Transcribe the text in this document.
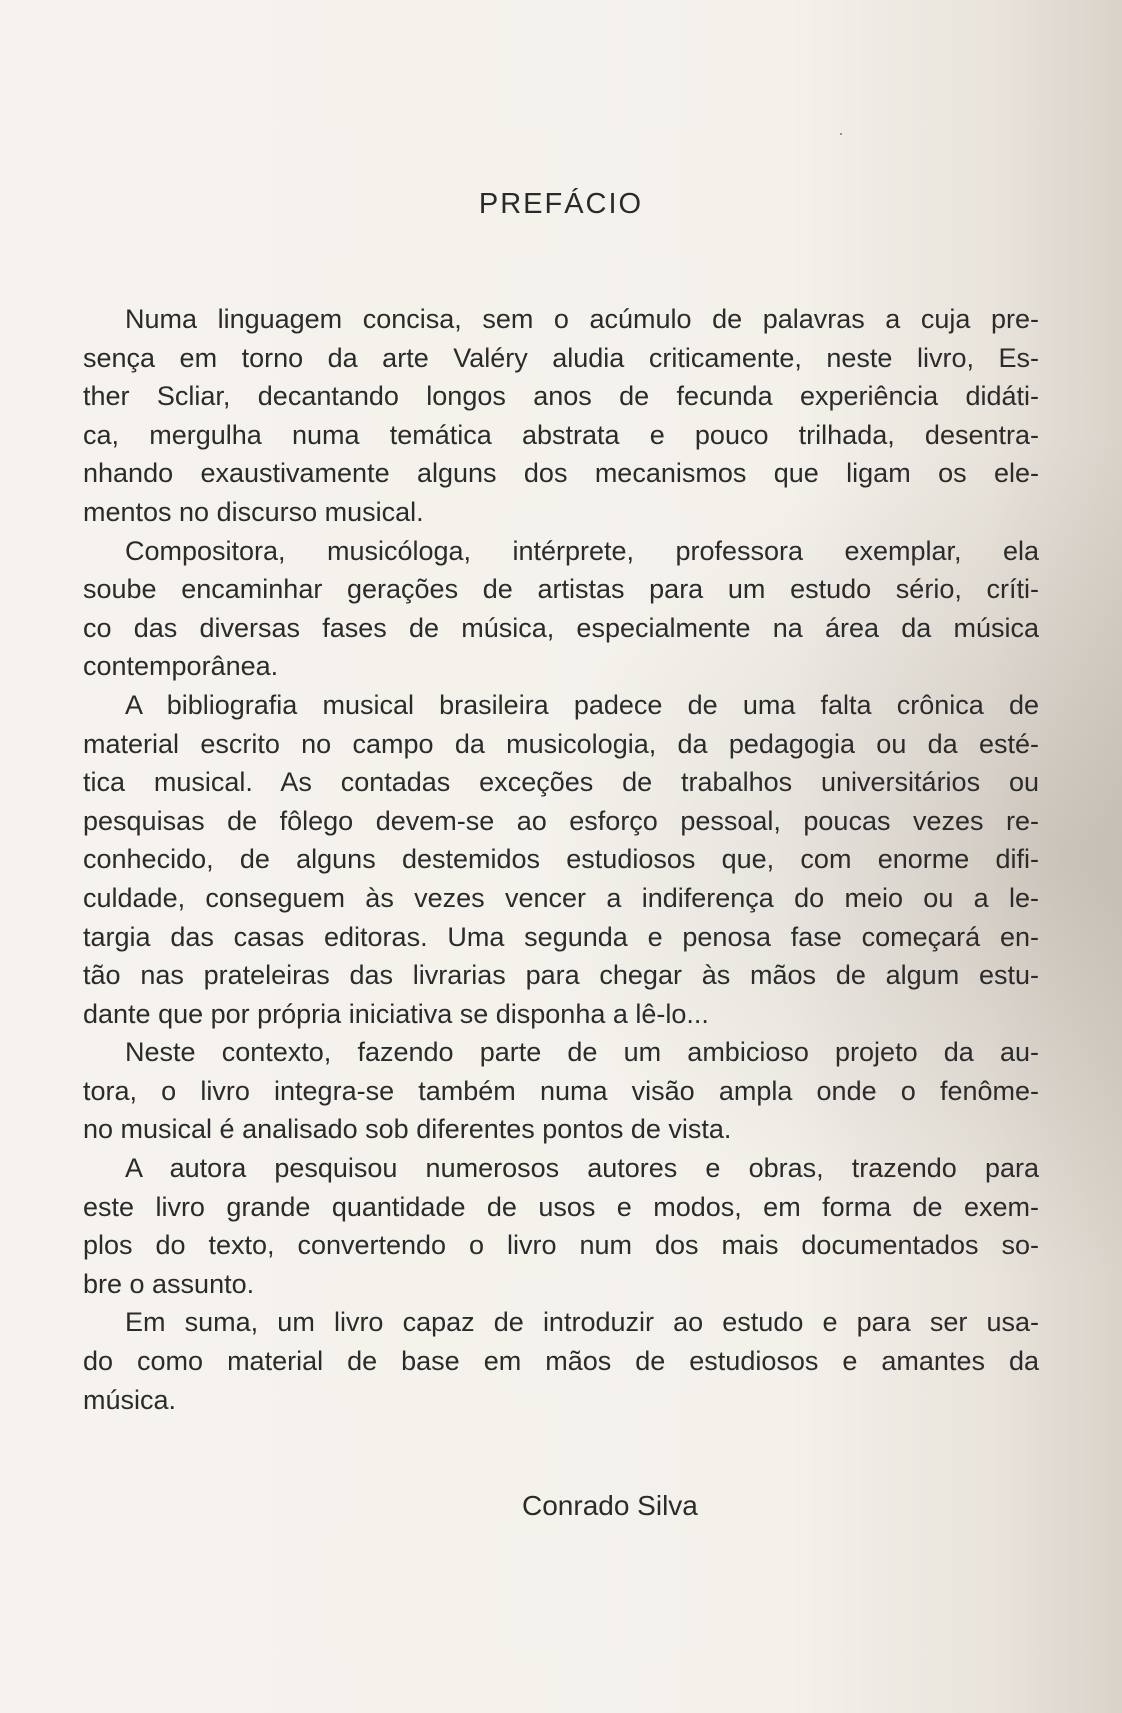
PREFÁCIO
Numa linguagem concisa, sem o acúmulo de palavras a cuja pre-
sença em torno da arte Valéry aludia criticamente, neste livro, Es-
ther Scliar, decantando longos anos de fecunda experiência didáti-
ca, mergulha numa temática abstrata e pouco trilhada, desentra-
nhando exaustivamente alguns dos mecanismos que ligam os ele-
mentos no discurso musical.
Compositora, musicóloga, intérprete, professora exemplar, ela
soube encaminhar gerações de artistas para um estudo sério, críti-
co das diversas fases de música, especialmente na área da música
contemporânea.
A bibliografia musical brasileira padece de uma falta crônica de
material escrito no campo da musicologia, da pedagogia ou da esté-
tica musical. As contadas exceções de trabalhos universitários ou
pesquisas de fôlego devem-se ao esforço pessoal, poucas vezes re-
conhecido, de alguns destemidos estudiosos que, com enorme difi-
culdade, conseguem às vezes vencer a indiferença do meio ou a le-
targia das casas editoras. Uma segunda e penosa fase começará en-
tão nas prateleiras das livrarias para chegar às mãos de algum estu-
dante que por própria iniciativa se disponha a lê-lo...
Neste contexto, fazendo parte de um ambicioso projeto da au-
tora, o livro integra-se também numa visão ampla onde o fenôme-
no musical é analisado sob diferentes pontos de vista.
A autora pesquisou numerosos autores e obras, trazendo para
este livro grande quantidade de usos e modos, em forma de exem-
plos do texto, convertendo o livro num dos mais documentados so-
bre o assunto.
Em suma, um livro capaz de introduzir ao estudo e para ser usa-
do como material de base em mãos de estudiosos e amantes da
música.
Conrado Silva
